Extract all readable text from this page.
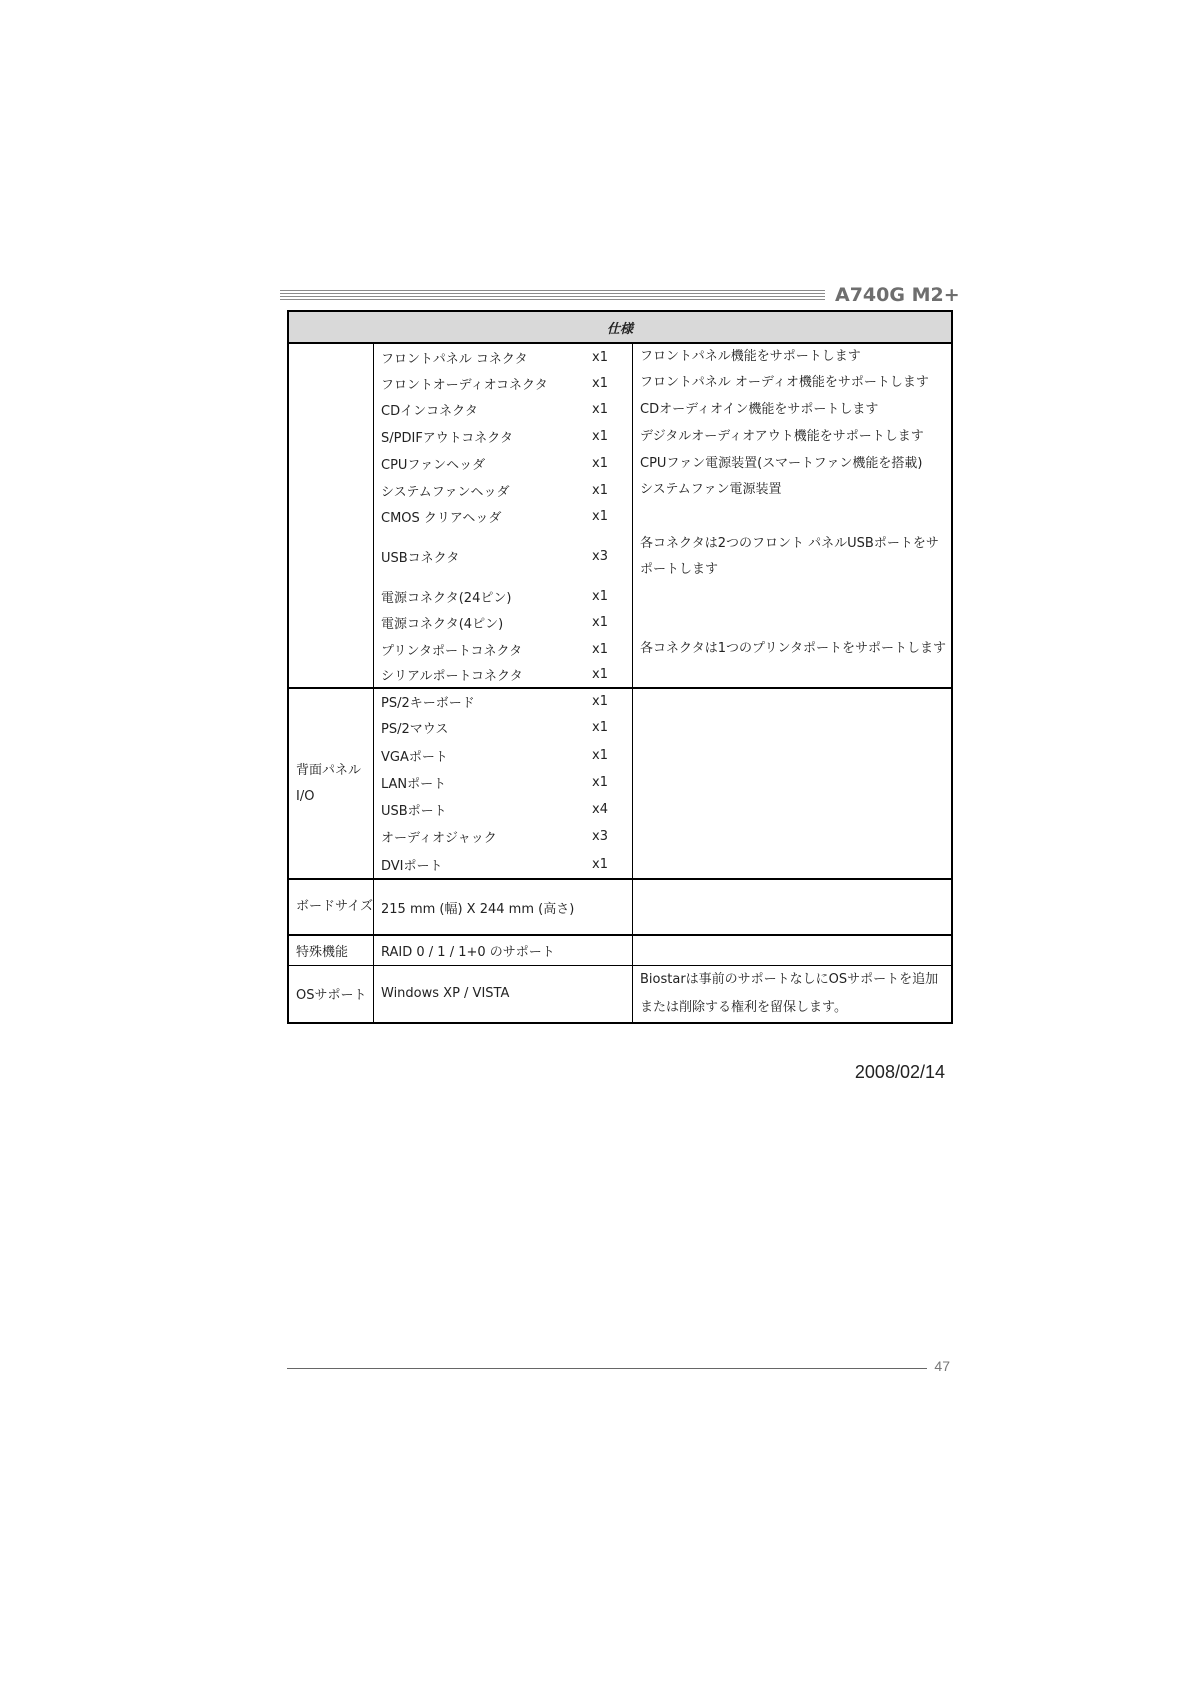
A740G M2+
仕様			
	フロントパネル コネクタ	x1	フロントパネル機能をサポートします
	フロントオーディオコネクタ	x1	フロントパネル オーディオ機能をサポートします
	CDインコネクタ	x1	CDオーディオイン機能をサポートします
	S/PDIFアウトコネクタ	x1	デジタルオーディオアウト機能をサポートします
	CPUファンヘッダ	x1	CPUファン電源装置(スマートファン機能を搭載)
	システムファンヘッダ	x1	システムファン電源装置
	CMOS クリアヘッダ	x1	
	USBコネクタ	x3	各コネクタは2つのフロント パネルUSBポートをサポートします
	電源コネクタ(24ピン)	x1	
	電源コネクタ(4ピン)	x1	
	プリンタポートコネクタ	x1	各コネクタは1つのプリンタポートをサポートします
	シリアルポートコネクタ	x1	
背面パネル I/O	PS/2キーボード	x1	
	PS/2マウス	x1	
	VGAポート	x1	
	LANポート	x1	
	USBポート	x4	
	オーディオジャック	x3	
	DVIポート	x1	
ボードサイズ	215 mm (幅) X 244 mm (高さ)		
特殊機能	RAID 0 / 1 / 1+0 のサポート		
OSサポート	Windows XP / VISTA		Biostarは事前のサポートなしにOSサポートを追加または削除する権利を留保します。
2008/02/14
47
